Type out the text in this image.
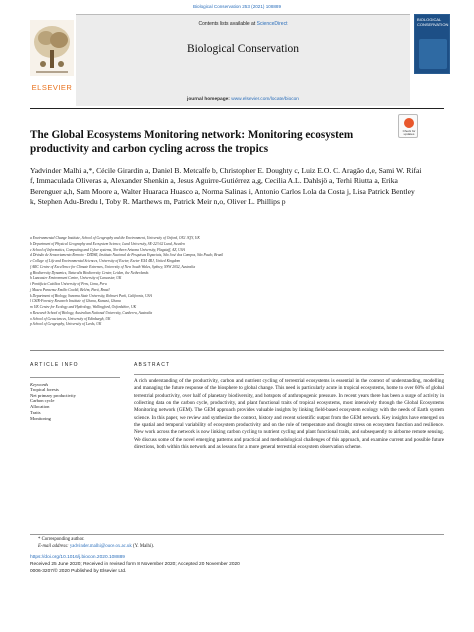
Biological Conservation 253 (2021) 108889
ELSEVIER
Contents lists available at ScienceDirect
Biological Conservation
journal homepage: www.elsevier.com/locate/biocon
BIOLOGICAL CONSERVATION
Check for updates
The Global Ecosystems Monitoring network: Monitoring ecosystem productivity and carbon cycling across the tropics
Yadvinder Malhi a,*, Cécile Girardin a, Daniel B. Metcalfe b, Christopher E. Doughty c, Luiz E.O. C. Aragão d,e, Sami W. Rifai f, Immaculada Oliveras a, Alexander Shenkin a, Jesus Aguirre-Gutiérrez a,g, Cecilia A.L. Dahlsjö a, Terhi Riutta a, Erika Berenguer a,h, Sam Moore a, Walter Huaraca Huasco a, Norma Salinas i, Antonio Carlos Lola da Costa j, Lisa Patrick Bentley k, Stephen Adu-Bredu l, Toby R. Marthews m, Patrick Meir n,o, Oliver L. Phillips p
a Environmental Change Institute, School of Geography and the Environment, University of Oxford, OX1 3QY, UK
b Department of Physical Geography and Ecosystem Science, Lund University, SE-223 62 Lund, Sweden
c School of Informatics, Computing and Cyber systems, Northern Arizona University, Flagstaff, AZ, USA
d Divisão de Sensoriamento Remoto - DIDSR, Instituto Nacional de Pesquisas Espaciais, São José dos Campos, São Paulo, Brazil
e College of Life and Environmental Sciences, University of Exeter, Exeter EX4 4RJ, United Kingdom
f ARC Centre of Excellence for Climate Extremes, University of New South Wales, Sydney, NSW 2052, Australia
g Biodiversity Dynamics, Naturalis Biodiversity Center, Leiden, the Netherlands
h Lancaster Environment Centre, University of Lancaster, UK
i Pontificia Católica University of Peru, Lima, Peru
j Museu Paraense Emílio Goeldi, Belém, Pará, Brazil
k Department of Biology, Sonoma State University, Rohnert Park, California, USA
l CSIR-Forestry Research Institute of Ghana, Kumasi, Ghana
m UK Centre for Ecology and Hydrology, Wallingford, Oxfordshire, UK
n Research School of Biology, Australian National University, Canberra, Australia
o School of Geosciences, University of Edinburgh, UK
p School of Geography, University of Leeds, UK
ARTICLE INFO
Keywords
Tropical forests
Net primary productivity
Carbon cycle
Allocation
Traits
Monitoring
ABSTRACT

A rich understanding of the productivity, carbon and nutrient cycling of terrestrial ecosystems is essential in the context of understanding, modelling and managing the future response of the biosphere to global change. This need is particularly acute in tropical ecosystems, home to over 60% of global terrestrial productivity, over half of planetary biodiversity, and hotspots of anthropogenic pressure. In recent years there has been a surge of activity in collecting data on the carbon cycle, productivity, and plant functional traits of tropical ecosystems, most intensively through the Global Ecosystems Monitoring network (GEM). The GEM approach provides valuable insights by linking field-based ecosystem ecology with the needs of Earth system science. In this paper, we review and synthesize the context, history and recent scientific output from the GEM network. Key insights have emerged on the spatial and temporal variability of ecosystem productivity and on the role of temperature and drought stress on ecosystem function and resilience. New work across the network is now linking carbon cycling to nutrient cycling and plant functional traits, and subsequently to airborne remote sensing. We discuss some of the novel emerging patterns and practical and methodological challenges of this approach, and examine current and possible future directions, both within this network and as lessons for a more general terrestrial ecosystem observation scheme.

* Corresponding author.
E-mail address: yadvinder.malhi@ouce.ox.ac.uk (Y. Malhi).
https://doi.org/10.1016/j.biocon.2020.108889
Received 25 June 2020; Received in revised form 8 November 2020; Accepted 20 November 2020
0006-3207/© 2020 Published by Elsevier Ltd.
